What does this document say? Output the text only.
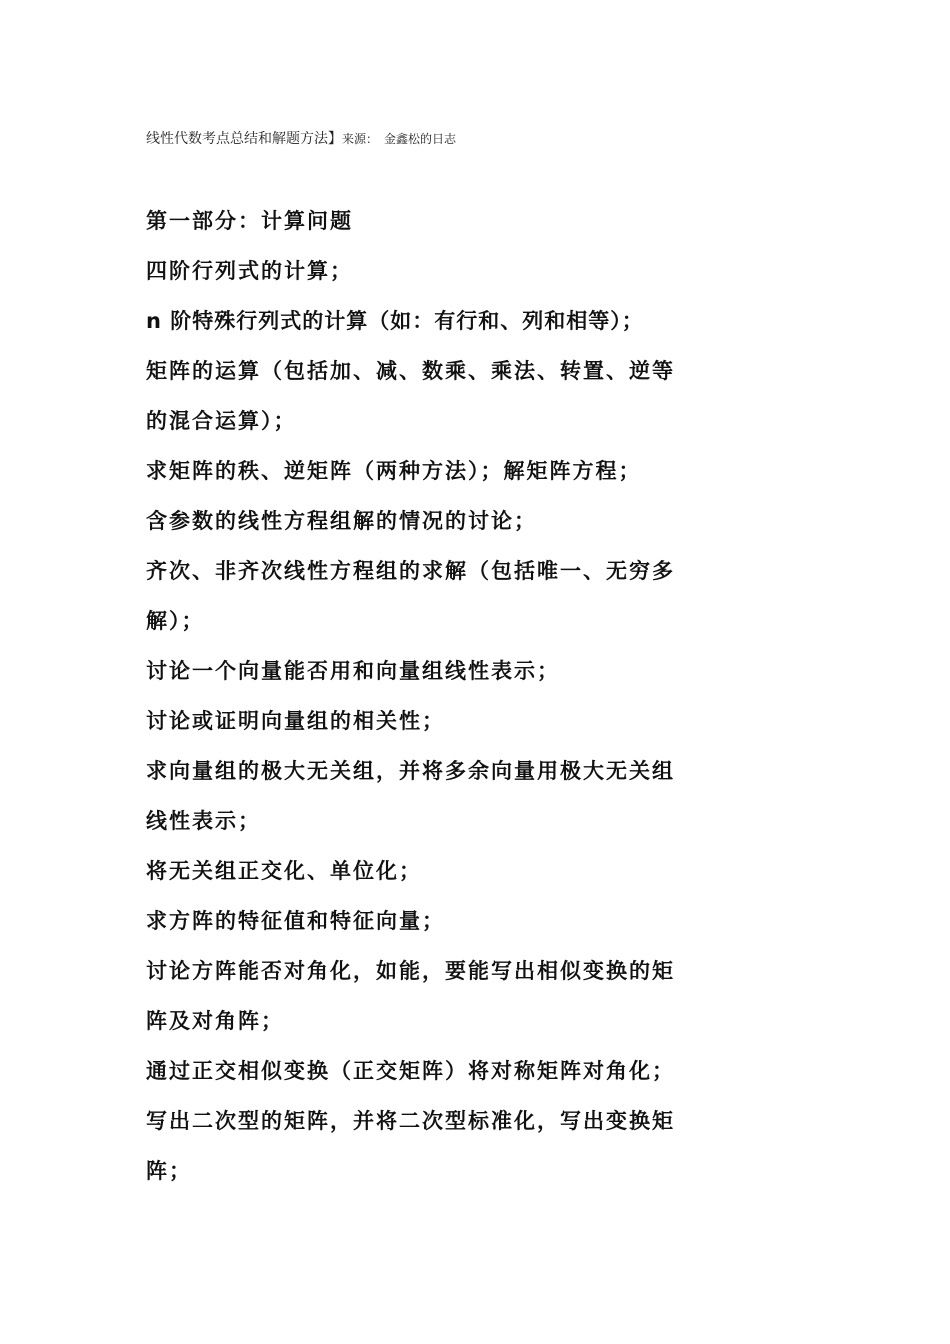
线性代数考点总结和解题方法】来源： 金鑫松的日志
第一部分：计算问题
四阶行列式的计算；
n 阶特殊行列式的计算（如：有行和、列和相等）；
矩阵的运算（包括加、减、数乘、乘法、转置、逆等
的混合运算）；
求矩阵的秩、逆矩阵（两种方法）；解矩阵方程；
含参数的线性方程组解的情况的讨论；
齐次、非齐次线性方程组的求解（包括唯一、无穷多
解）；
讨论一个向量能否用和向量组线性表示；
讨论或证明向量组的相关性；
求向量组的极大无关组，并将多余向量用极大无关组
线性表示；
将无关组正交化、单位化；
求方阵的特征值和特征向量；
讨论方阵能否对角化，如能，要能写出相似变换的矩
阵及对角阵；
通过正交相似变换（正交矩阵）将对称矩阵对角化；
写出二次型的矩阵，并将二次型标准化，写出变换矩
阵；
